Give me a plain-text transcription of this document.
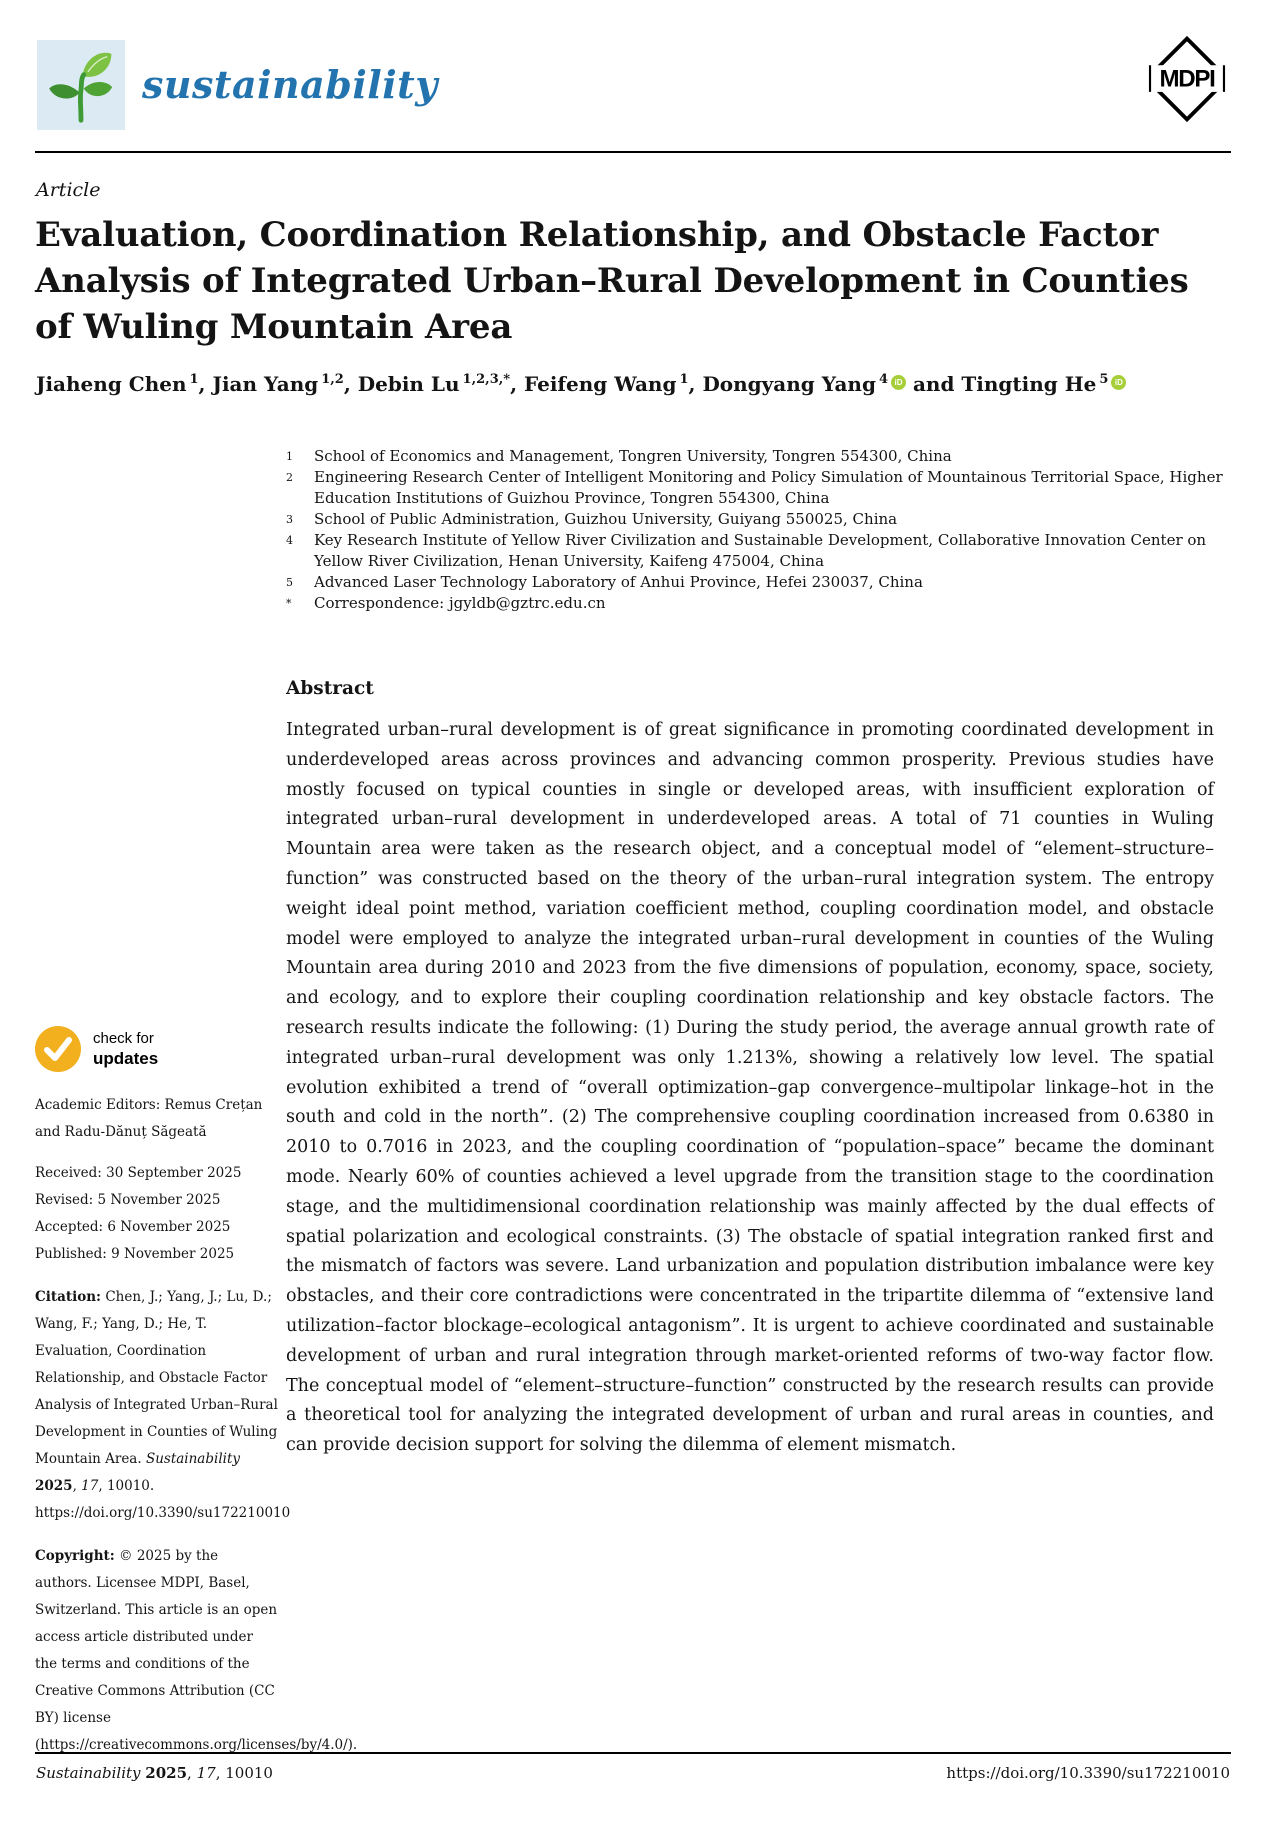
sustainability	MDPI
Article
Evaluation, Coordination Relationship, and Obstacle Factor
Analysis of Integrated Urban–Rural Development in Counties
of Wuling Mountain Area
Jiaheng Chen $^1$, Jian Yang $^{1,2}$, Debin Lu $^{1,2,3,*}$, Feifeng Wang $^1$, Dongyang Yang $^4$ iD and Tingting He $^5$ iD
1	School of Economics and Management, Tongren University, Tongren 554300, China
2	Engineering Research Center of Intelligent Monitoring and Policy Simulation of Mountainous Territorial Space, Higher Education Institutions of Guizhou Province, Tongren 554300, China
3	School of Public Administration, Guizhou University, Guiyang 550025, China
4	Key Research Institute of Yellow River Civilization and Sustainable Development, Collaborative Innovation Center on Yellow River Civilization, Henan University, Kaifeng 475004, China
5	Advanced Laser Technology Laboratory of Anhui Province, Hefei 230037, China
*	Correspondence: jgyldb@gztrc.edu.cn
Abstract
Integrated urban–rural development is of great significance in promoting coordinated development in underdeveloped areas across provinces and advancing common prosperity. Previous studies have mostly focused on typical counties in single or developed areas, with insufficient exploration of integrated urban–rural development in underdeveloped areas. A total of 71 counties in Wuling Mountain area were taken as the research object, and a conceptual model of “element–structure–function” was constructed based on the theory of the urban–rural integration system. The entropy weight ideal point method, variation coefficient method, coupling coordination model, and obstacle model were employed to analyze the integrated urban–rural development in counties of the Wuling Mountain area during 2010 and 2023 from the five dimensions of population, economy, space, society, and ecology, and to explore their coupling coordination relationship and key obstacle factors. The research results indicate the following: (1) During the study period, the average annual growth rate of integrated urban–rural development was only 1.213%, showing a relatively low level. The spatial evolution exhibited a trend of “overall optimization–gap convergence–multipolar linkage–hot in the south and cold in the north”. (2) The comprehensive coupling coordination increased from 0.6380 in 2010 to 0.7016 in 2023, and the coupling coordination of “population–space” became the dominant mode. Nearly 60% of counties achieved a level upgrade from the transition stage to the coordination stage, and the multidimensional coordination relationship was mainly affected by the dual effects of spatial polarization and ecological constraints. (3) The obstacle of spatial integration ranked first and the mismatch of factors was severe. Land urbanization and population distribution imbalance were key obstacles, and their core contradictions were concentrated in the tripartite dilemma of “extensive land utilization–factor blockage–ecological antagonism”. It is urgent to achieve coordinated and sustainable development of urban and rural integration through market-oriented reforms of two-way factor flow. The conceptual model of “element–structure–function” constructed by the research results can provide a theoretical tool for analyzing the integrated development of urban and rural areas in counties, and can provide decision support for solving the dilemma of element mismatch.
check for
updates
Academic Editors: Remus Crețan and Radu-Dănuț Săgeată
Received: 30 September 2025
Revised: 5 November 2025
Accepted: 6 November 2025
Published: 9 November 2025
Citation: Chen, J.; Yang, J.; Lu, D.; Wang, F.; Yang, D.; He, T. Evaluation, Coordination Relationship, and Obstacle Factor Analysis of Integrated Urban–Rural Development in Counties of Wuling Mountain Area. Sustainability 2025, 17, 10010. https://doi.org/10.3390/su172210010
Copyright: © 2025 by the authors. Licensee MDPI, Basel, Switzerland. This article is an open access article distributed under the terms and conditions of the Creative Commons Attribution (CC BY) license (https://creativecommons.org/licenses/by/4.0/).
Sustainability 2025, 17, 10010	https://doi.org/10.3390/su172210010
